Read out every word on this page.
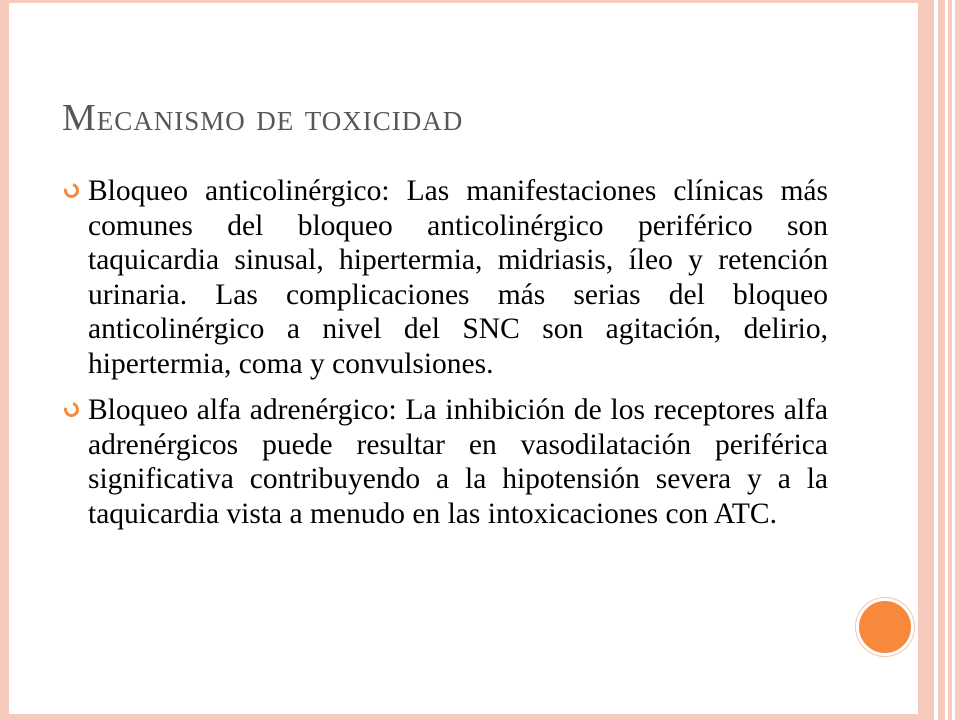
Mecanismo de toxicidad
Bloqueo anticolinérgico: Las manifestaciones clínicas más comunes del bloqueo anticolinérgico periférico son taquicardia sinusal, hipertermia, midriasis, íleo y retención urinaria. Las complicaciones más serias del bloqueo anticolinérgico a nivel del SNC son agitación, delirio, hipertermia, coma y convulsiones.
Bloqueo alfa adrenérgico: La inhibición de los receptores alfa adrenérgicos puede resultar en vasodilatación periférica significativa contribuyendo a la hipotensión severa y a la taquicardia vista a menudo en las intoxicaciones con ATC.
